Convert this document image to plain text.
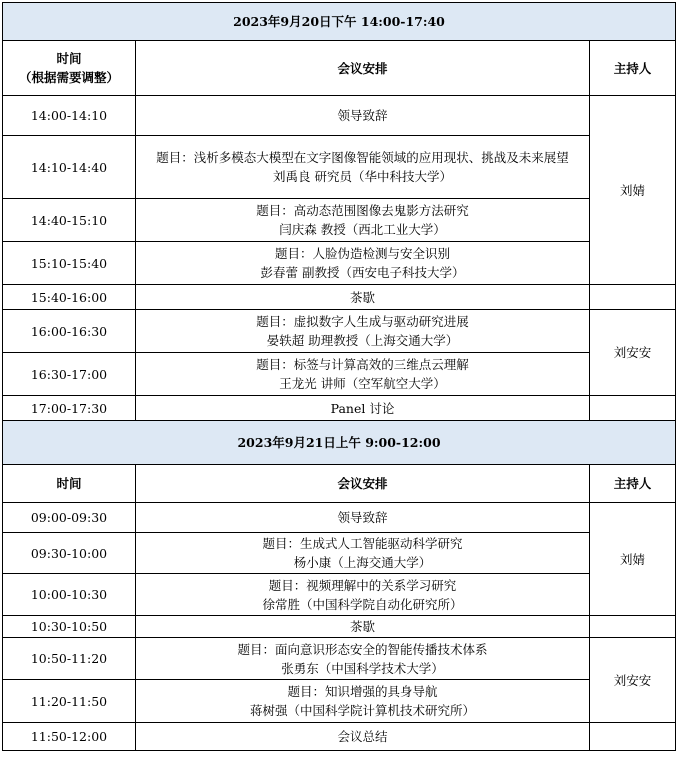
2023年9月20日下午 14:00-17:40		

时间
（根据需要调整）	会议安排	主持人
14:00-14:10	领导致辞	刘婧
14:10-14:40	题目：浅析多模态大模型在文字图像智能领域的应用现状、挑战及未来展望
刘禹良 研究员（华中科技大学）	

14:40-15:10	题目：高动态范围图像去鬼影方法研究
闫庆森 教授（西北工业大学）	

15:10-15:40	题目：人脸伪造检测与安全识别
彭春蕾 副教授（西安电子科技大学）	

15:40-16:00	茶歇	

16:00-16:30	题目：虚拟数字人生成与驱动研究进展
晏轶超 助理教授（上海交通大学）	刘安安
16:30-17:00	题目：标签与计算高效的三维点云理解
王龙光 讲师（空军航空大学）	

17:00-17:30	Panel 讨论	

2023年9月21日上午 9:00-12:00		
时间	会议安排	主持人
09:00-09:30	领导致辞	刘婧
09:30-10:00	题目：生成式人工智能驱动科学研究
杨小康（上海交通大学）	

10:00-10:30	题目：视频理解中的关系学习研究
徐常胜（中国科学院自动化研究所）	

10:30-10:50	茶歇	

10:50-11:20	题目：面向意识形态安全的智能传播技术体系
张勇东（中国科学技术大学）	刘安安
11:20-11:50	题目：知识增强的具身导航
蒋树强（中国科学院计算机技术研究所）	

11:50-12:00	会议总结	
